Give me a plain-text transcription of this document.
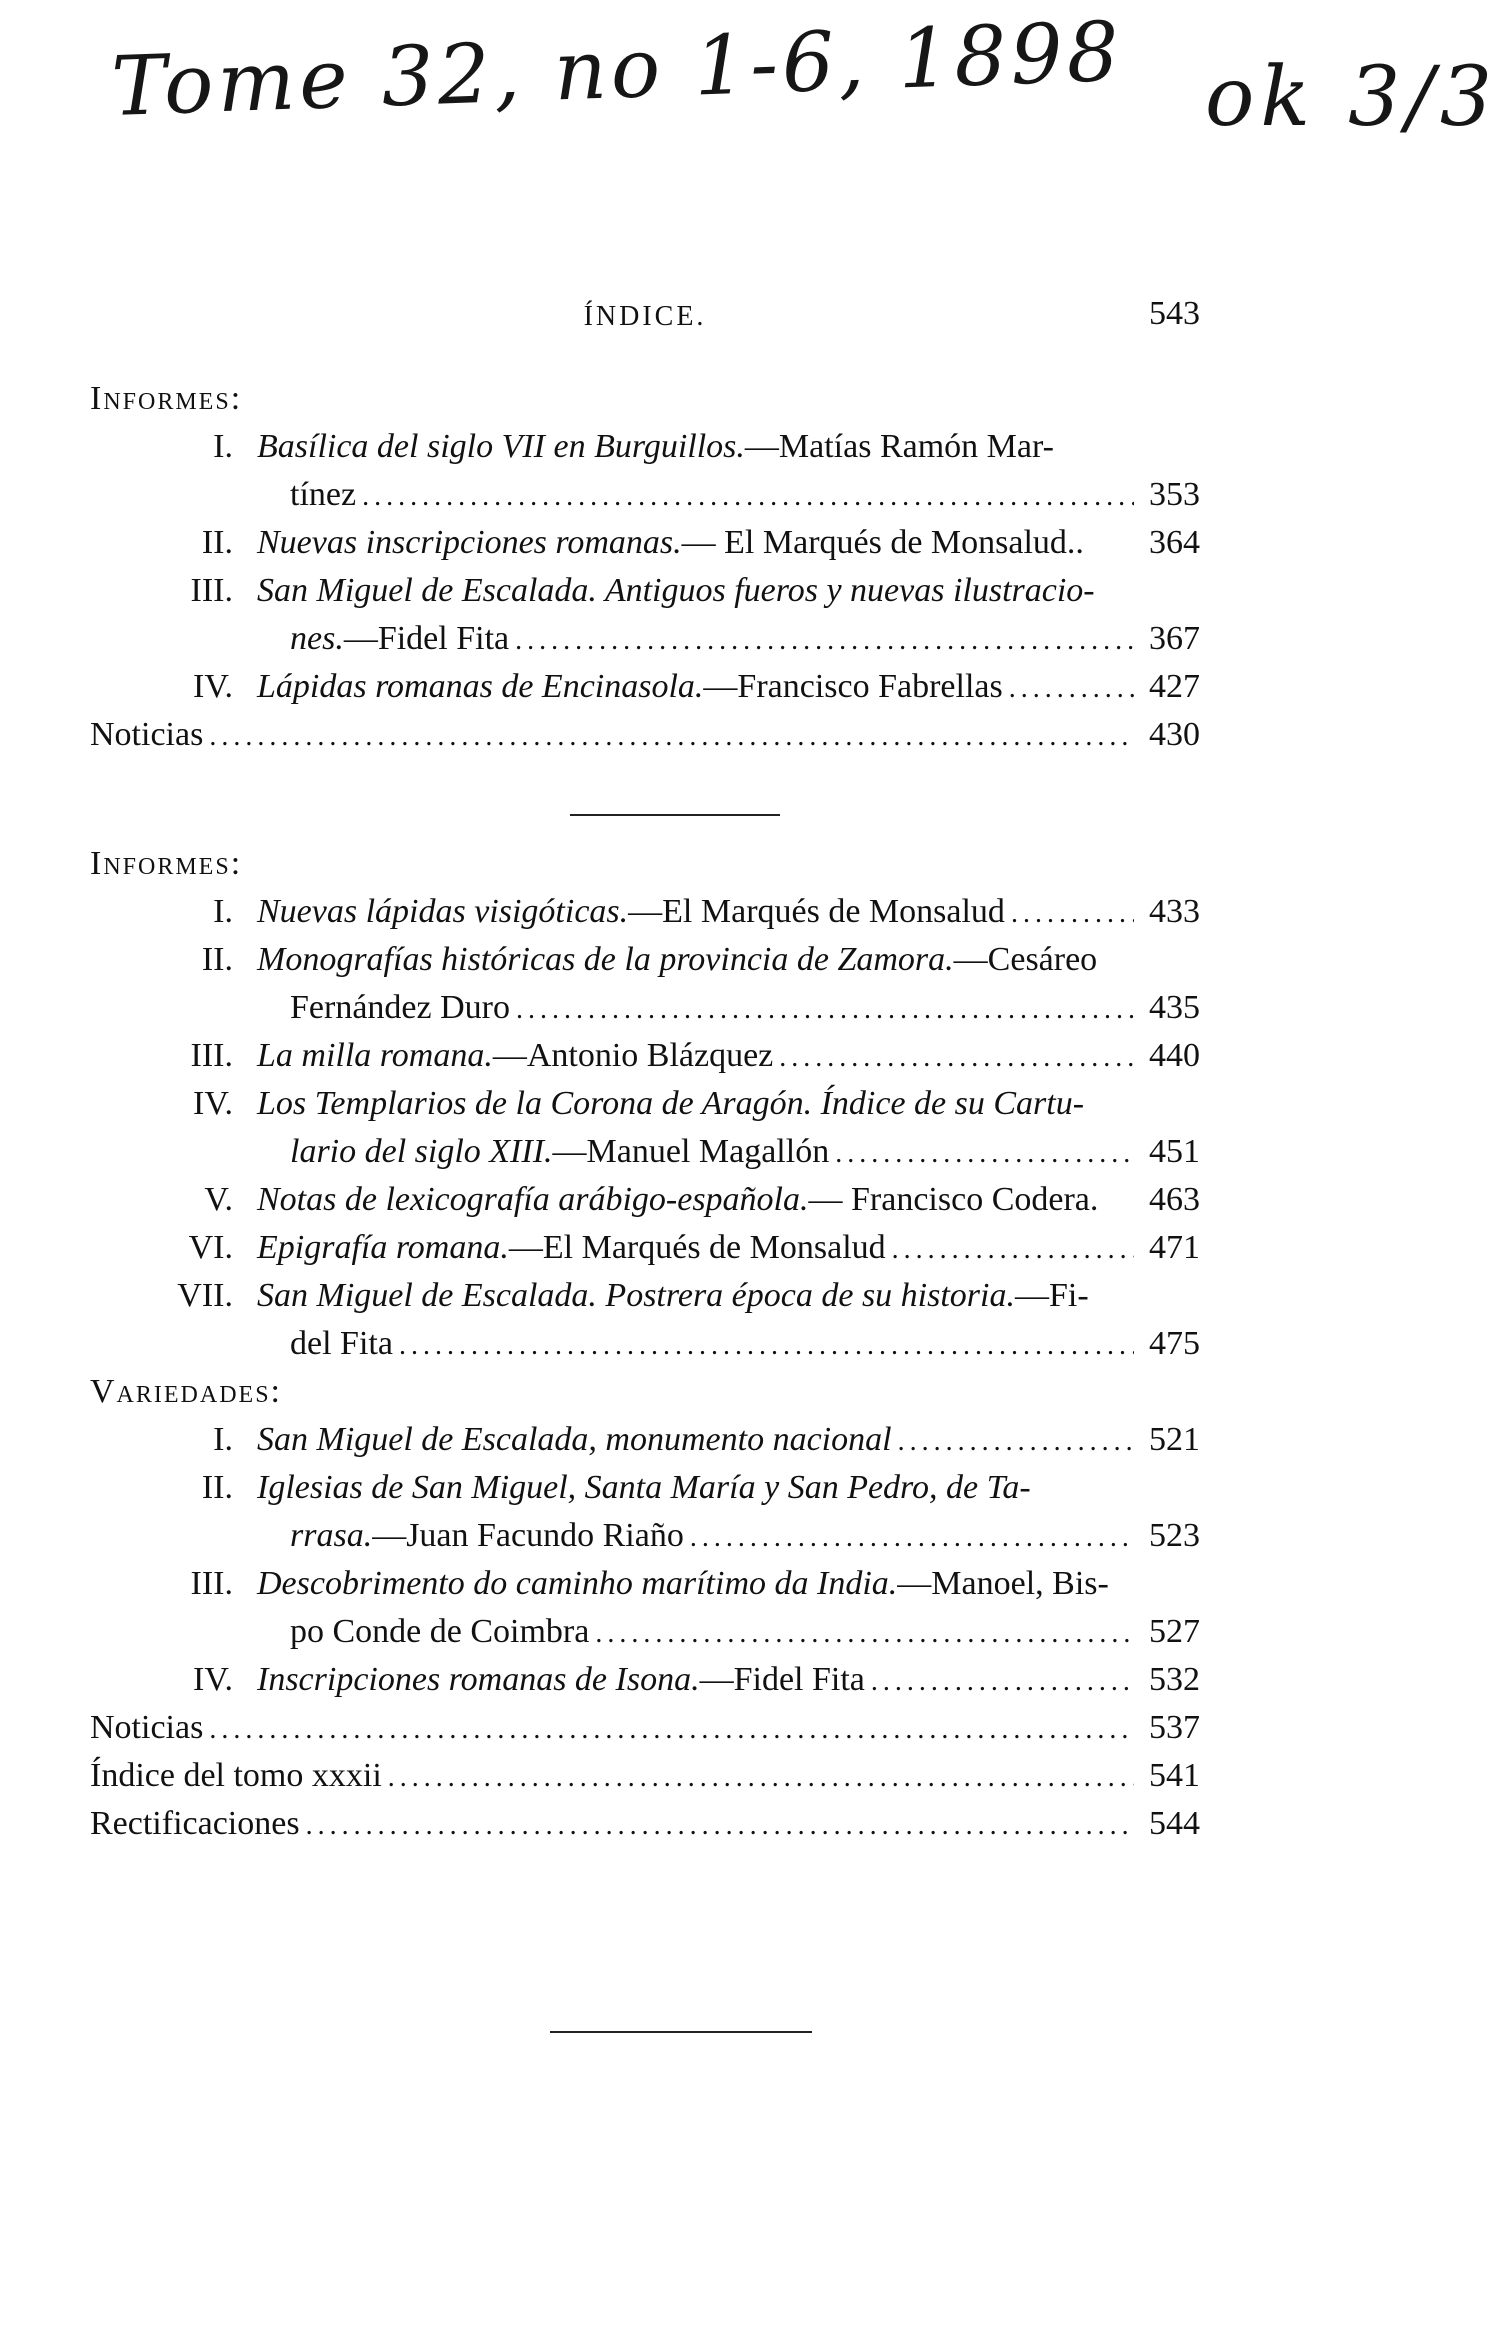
Tome 32, no 1-6, 1898 ok 3/3
ÍNDICE.	543
Informes:
I. Basílica del siglo VII en Burguillos.—Matías Ramón Mar-
tínez .....	353
II. Nuevas inscripciones romanas.— El Marqués de Monsalud.. 364
III. San Miguel de Escalada. Antiguos fueros y nuevas ilustracio-
nes.—Fidel Fita .....	367
IV. Lápidas romanas de Encinasola.—Francisco Fabrellas .....	427
Noticias .....	430
Informes:
I. Nuevas lápidas visigóticas.—El Marqués de Monsalud .....	433
II. Monografías históricas de la provincia de Zamora.—Cesáreo
Fernández Duro .....	435
III. La milla romana.—Antonio Blázquez .....	440
IV. Los Templarios de la Corona de Aragón. Índice de su Cartu-
lario del siglo XIII.—Manuel Magallón .....	451
V. Notas de lexicografía arábigo-española.— Francisco Codera. 463
VI. Epigrafía romana.—El Marqués de Monsalud .....	471
VII. San Miguel de Escalada. Postrera época de su historia.—Fi-
del Fita .....	475
Variedades:
I. San Miguel de Escalada, monumento nacional .....	521
II. Iglesias de San Miguel, Santa María y San Pedro, de Ta-
rrasa.—Juan Facundo Riaño .....	523
III. Descobrimento do caminho marítimo da India.—Manoel, Bis-
po Conde de Coimbra .....	527
IV. Inscripciones romanas de Isona.—Fidel Fita .....	532
Noticias .....	537
Índice del tomo xxxii .....	541
Rectificaciones .....	544
